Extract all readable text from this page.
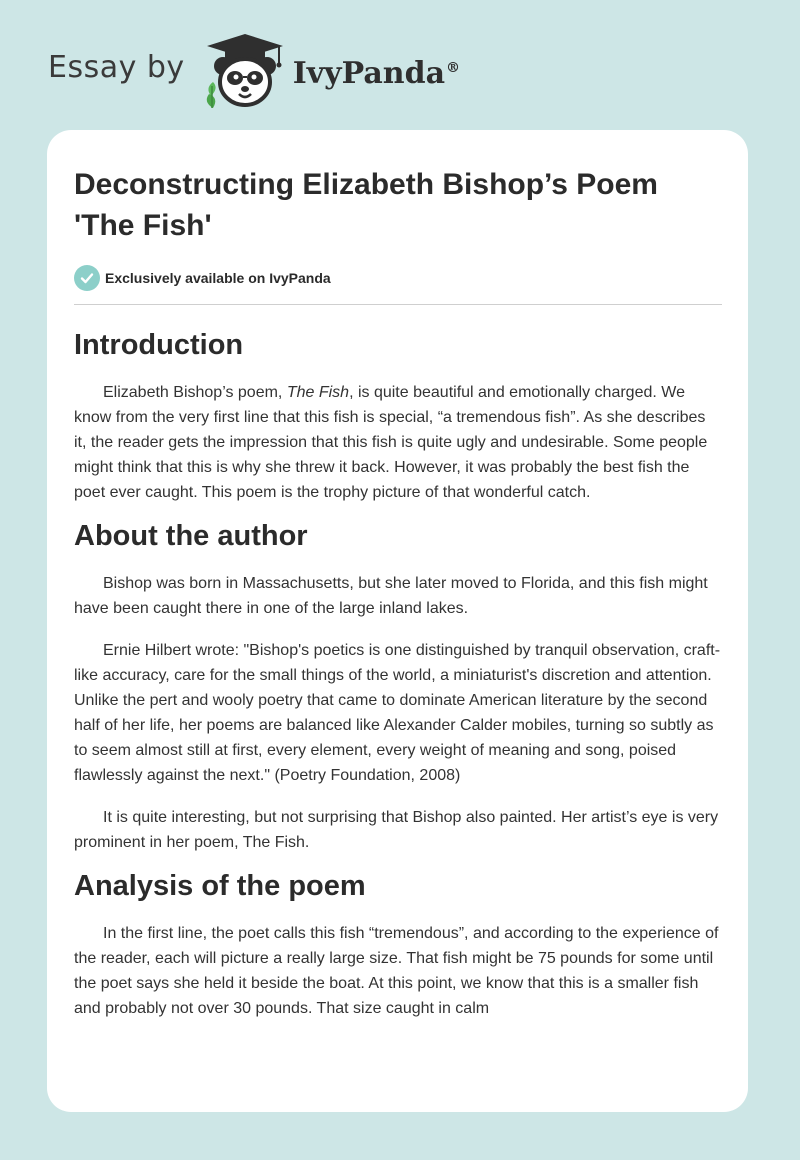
Essay by	IvyPanda®
Deconstructing Elizabeth Bishop’s Poem 'The Fish'
Exclusively available on IvyPanda
Introduction

Elizabeth Bishop’s poem, The Fish, is quite beautiful and emotionally charged. We know from the very first line that this fish is special, “a tremendous fish”. As she describes it, the reader gets the impression that this fish is quite ugly and undesirable. Some people might think that this is why she threw it back. However, it was probably the best fish the poet ever caught. This poem is the trophy picture of that wonderful catch.

About the author

Bishop was born in Massachusetts, but she later moved to Florida, and this fish might have been caught there in one of the large inland lakes.

Ernie Hilbert wrote: "Bishop's poetics is one distinguished by tranquil observation, craft-like accuracy, care for the small things of the world, a miniaturist's discretion and attention. Unlike the pert and wooly poetry that came to dominate American literature by the second half of her life, her poems are balanced like Alexander Calder mobiles, turning so subtly as to seem almost still at first, every element, every weight of meaning and song, poised flawlessly against the next." (Poetry Foundation, 2008)

It is quite interesting, but not surprising that Bishop also painted. Her artist’s eye is very prominent in her poem, The Fish.

Analysis of the poem

In the first line, the poet calls this fish “tremendous”, and according to the experience of the reader, each will picture a really large size. That fish might be 75 pounds for some until the poet says she held it beside the boat. At this point, we know that this is a smaller fish and probably not over 30 pounds. That size caught in calm
